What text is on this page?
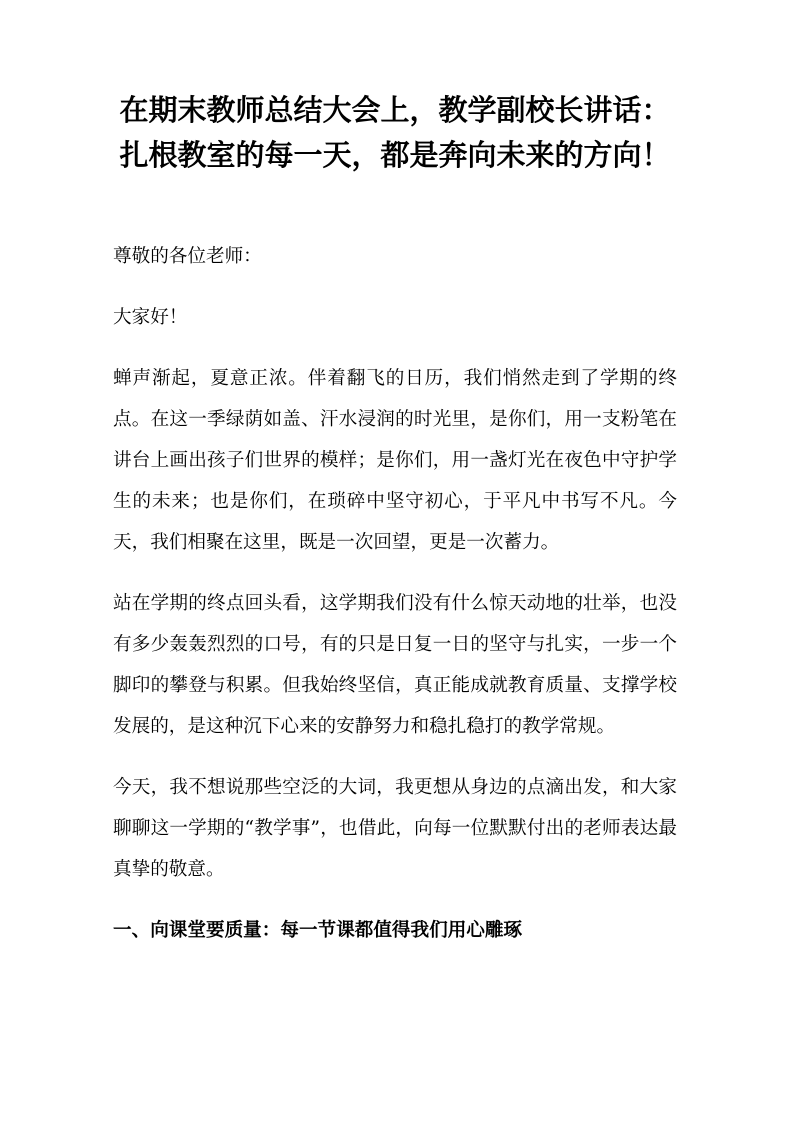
在期末教师总结大会上，教学副校长讲话：
扎根教室的每一天，都是奔向未来的方向！

尊敬的各位老师：

大家好！

蝉声渐起，夏意正浓。伴着翻飞的日历，我们悄然走到了学期的终点。在这一季绿荫如盖、汗水浸润的时光里，是你们，用一支粉笔在讲台上画出孩子们世界的模样；是你们，用一盏灯光在夜色中守护学生的未来；也是你们，在琐碎中坚守初心，于平凡中书写不凡。今天，我们相聚在这里，既是一次回望，更是一次蓄力。

站在学期的终点回头看，这学期我们没有什么惊天动地的壮举，也没有多少轰轰烈烈的口号，有的只是日复一日的坚守与扎实，一步一个脚印的攀登与积累。但我始终坚信，真正能成就教育质量、支撑学校发展的，是这种沉下心来的安静努力和稳扎稳打的教学常规。

今天，我不想说那些空泛的大词，我更想从身边的点滴出发，和大家聊聊这一学期的“教学事”，也借此，向每一位默默付出的老师表达最真挚的敬意。

一、向课堂要质量：每一节课都值得我们用心雕琢
